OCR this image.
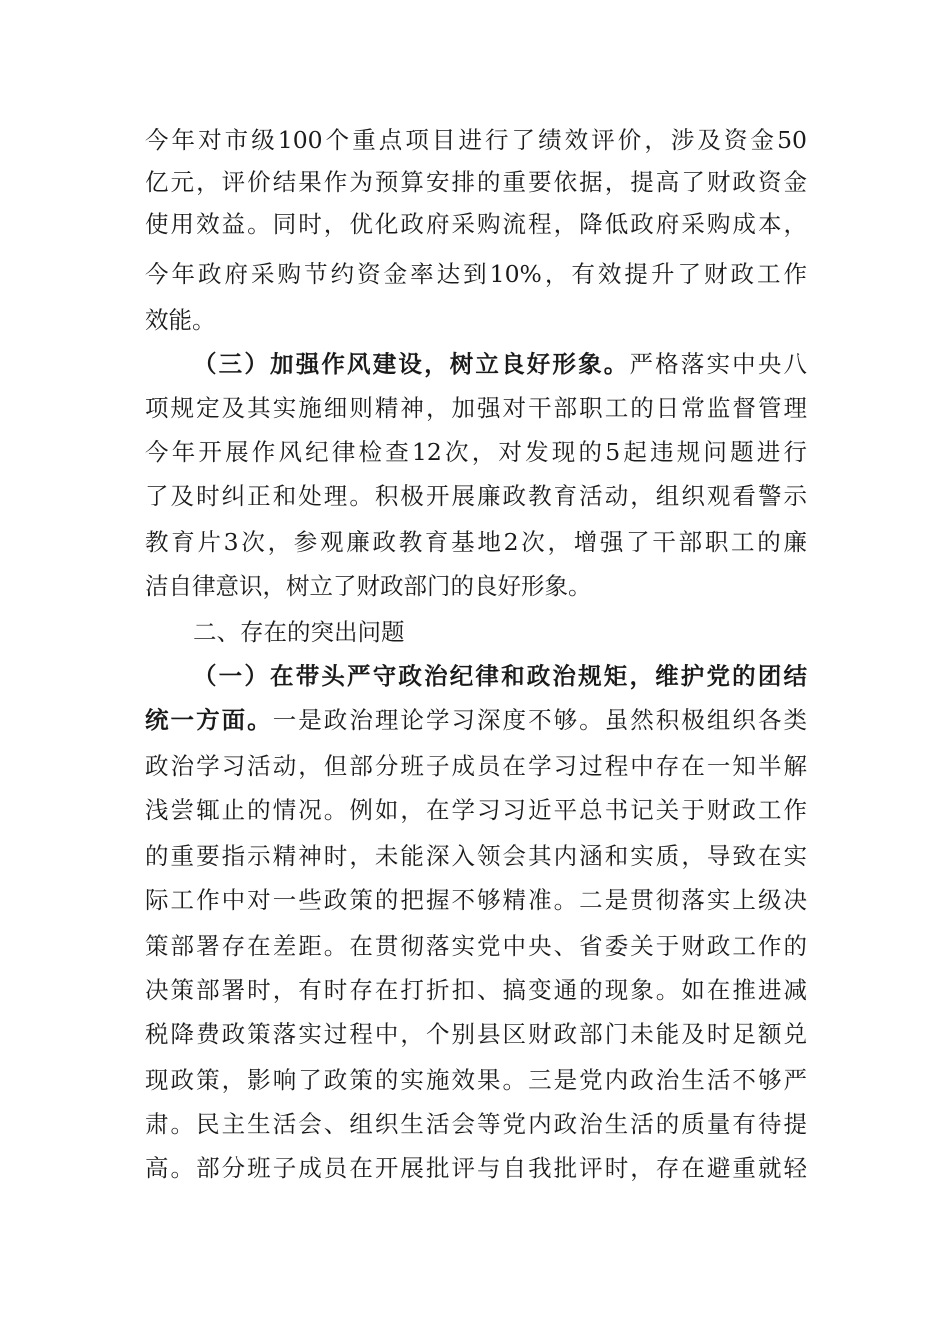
今年对市级100个重点项目进行了绩效评价，涉及资金50
亿元，评价结果作为预算安排的重要依据，提高了财政资金
使用效益。同时，优化政府采购流程，降低政府采购成本，
今年政府采购节约资金率达到10%，有效提升了财政工作
效能。
（三）加强作风建设，树立良好形象。严格落实中央八
项规定及其实施细则精神，加强对干部职工的日常监督管理
今年开展作风纪律检查12次，对发现的5起违规问题进行
了及时纠正和处理。积极开展廉政教育活动，组织观看警示
教育片3次，参观廉政教育基地2次，增强了干部职工的廉
洁自律意识，树立了财政部门的良好形象。
二、存在的突出问题
（一）在带头严守政治纪律和政治规矩，维护党的团结
统一方面。一是政治理论学习深度不够。虽然积极组织各类
政治学习活动，但部分班子成员在学习过程中存在一知半解
浅尝辄止的情况。例如，在学习习近平总书记关于财政工作
的重要指示精神时，未能深入领会其内涵和实质，导致在实
际工作中对一些政策的把握不够精准。二是贯彻落实上级决
策部署存在差距。在贯彻落实党中央、省委关于财政工作的
决策部署时，有时存在打折扣、搞变通的现象。如在推进减
税降费政策落实过程中，个别县区财政部门未能及时足额兑
现政策，影响了政策的实施效果。三是党内政治生活不够严
肃。民主生活会、组织生活会等党内政治生活的质量有待提
高。部分班子成员在开展批评与自我批评时，存在避重就轻
